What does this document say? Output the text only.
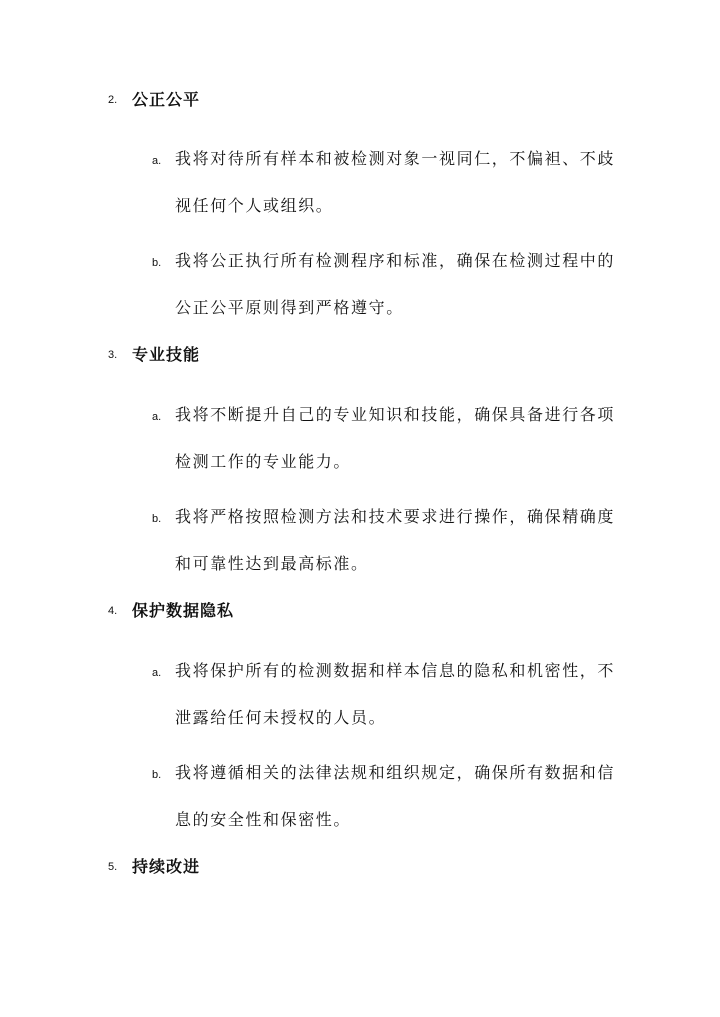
2. 公正公平
a. 我将对待所有样本和被检测对象一视同仁，不偏袒、不歧视任何个人或组织。
b. 我将公正执行所有检测程序和标准，确保在检测过程中的公正公平原则得到严格遵守。
3. 专业技能
a. 我将不断提升自己的专业知识和技能，确保具备进行各项检测工作的专业能力。
b. 我将严格按照检测方法和技术要求进行操作，确保精确度和可靠性达到最高标准。
4. 保护数据隐私
a. 我将保护所有的检测数据和样本信息的隐私和机密性，不泄露给任何未授权的人员。
b. 我将遵循相关的法律法规和组织规定，确保所有数据和信息的安全性和保密性。
5. 持续改进
